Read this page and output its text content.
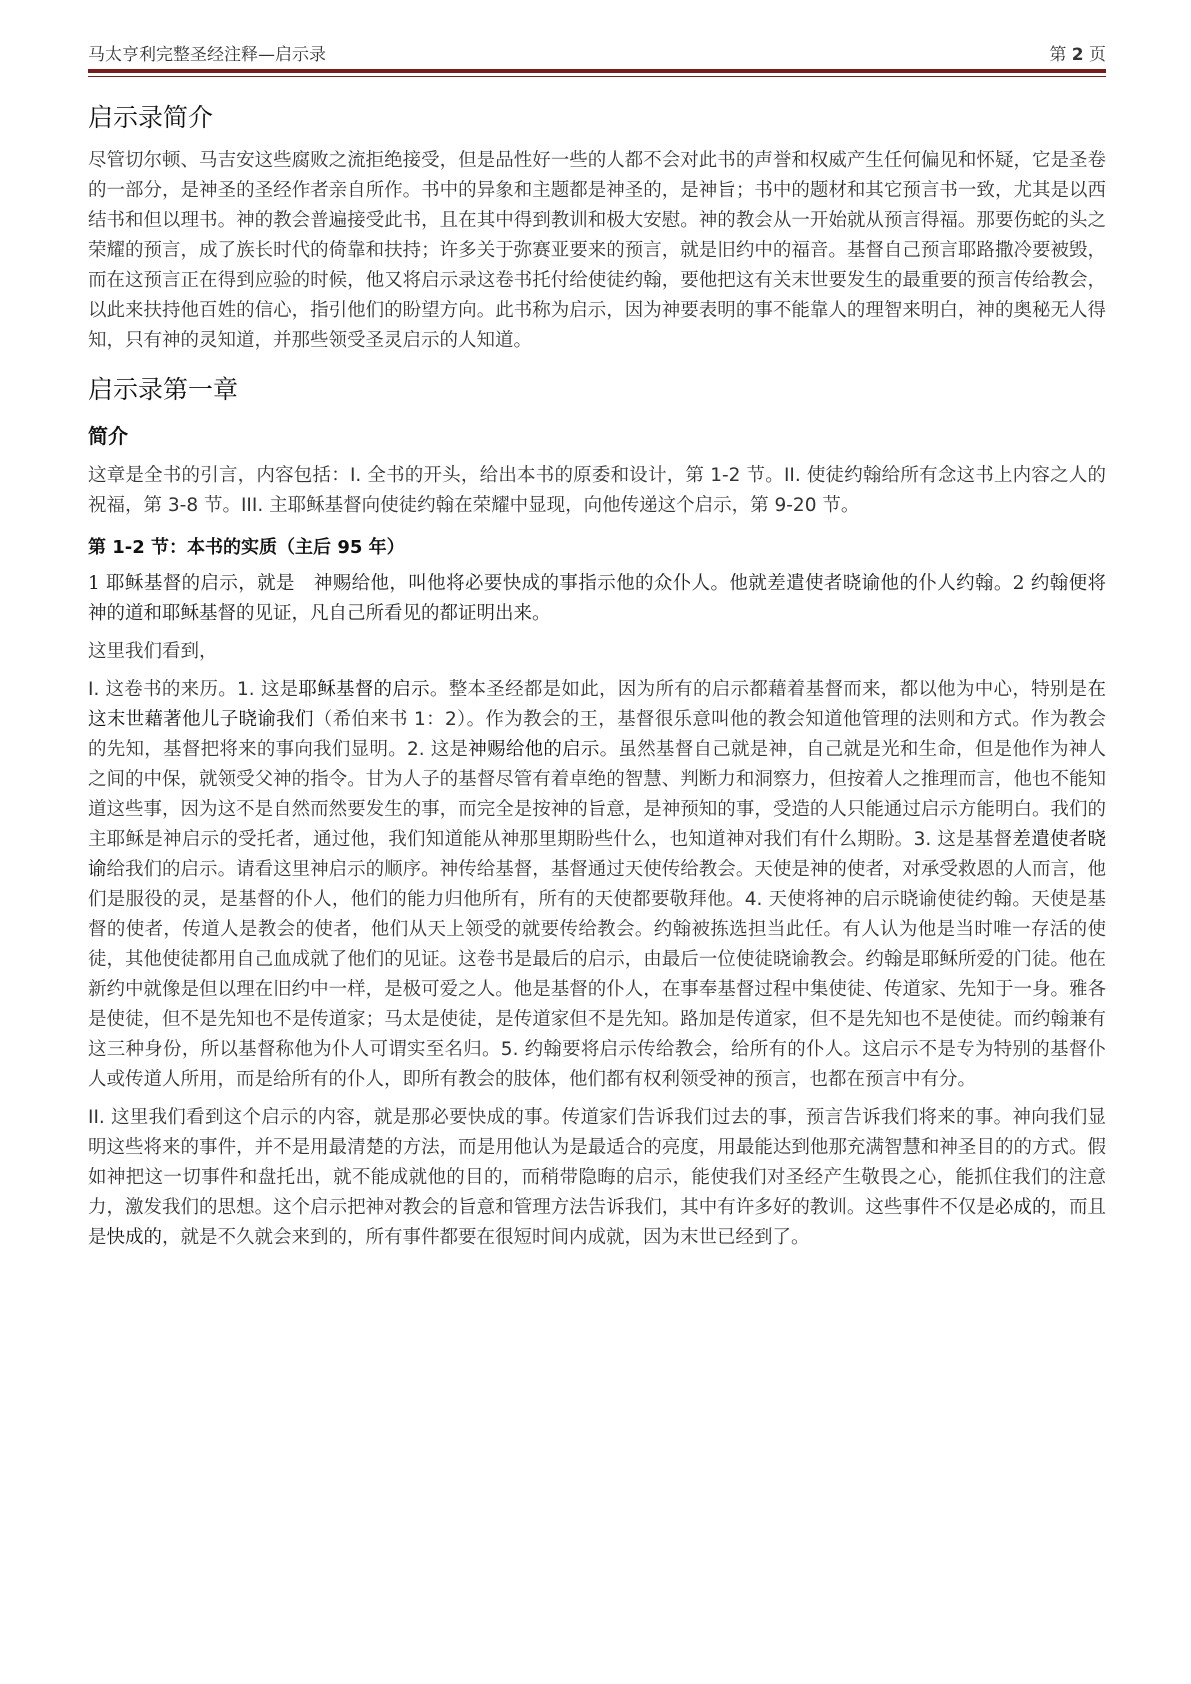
马太亨利完整圣经注释—启示录	第 2 页
启示录简介

尽管切尔顿、马吉安这些腐败之流拒绝接受，但是品性好一些的人都不会对此书的声誉和权威产生任何偏见和怀疑，它是圣卷的一部分，是神圣的圣经作者亲自所作。书中的异象和主题都是神圣的，是神旨；书中的题材和其它预言书一致，尤其是以西结书和但以理书。神的教会普遍接受此书，且在其中得到教训和极大安慰。神的教会从一开始就从预言得福。那要伤蛇的头之荣耀的预言，成了族长时代的倚靠和扶持；许多关于弥赛亚要来的预言，就是旧约中的福音。基督自己预言耶路撒冷要被毁，而在这预言正在得到应验的时候，他又将启示录这卷书托付给使徒约翰，要他把这有关末世要发生的最重要的预言传给教会，以此来扶持他百姓的信心，指引他们的盼望方向。此书称为启示，因为神要表明的事不能靠人的理智来明白，神的奥秘无人得知，只有神的灵知道，并那些领受圣灵启示的人知道。

启示录第一章
简介

这章是全书的引言，内容包括：I. 全书的开头，给出本书的原委和设计，第 1-2 节。II. 使徒约翰给所有念这书上内容之人的祝福，第 3-8 节。III. 主耶稣基督向使徒约翰在荣耀中显现，向他传递这个启示，第 9-20 节。

第 1-2 节：本书的实质（主后 95 年）

1 耶稣基督的启示，就是　神赐给他，叫他将必要快成的事指示他的众仆人。他就差遣使者晓谕他的仆人约翰。2 约翰便将　神的道和耶稣基督的见证，凡自己所看见的都证明出来。

这里我们看到，

I. 这卷书的来历。1. 这是耶稣基督的启示。整本圣经都是如此，因为所有的启示都藉着基督而来，都以他为中心，特别是在这末世藉著他儿子晓谕我们（希伯来书 1：2）。作为教会的王，基督很乐意叫他的教会知道他管理的法则和方式。作为教会的先知，基督把将来的事向我们显明。2. 这是神赐给他的启示。虽然基督自己就是神，自己就是光和生命，但是他作为神人之间的中保，就领受父神的指令。甘为人子的基督尽管有着卓绝的智慧、判断力和洞察力，但按着人之推理而言，他也不能知道这些事，因为这不是自然而然要发生的事，而完全是按神的旨意，是神预知的事，受造的人只能通过启示方能明白。我们的主耶稣是神启示的受托者，通过他，我们知道能从神那里期盼些什么，也知道神对我们有什么期盼。3. 这是基督差遣使者晓谕给我们的启示。请看这里神启示的顺序。神传给基督，基督通过天使传给教会。天使是神的使者，对承受救恩的人而言，他们是服役的灵，是基督的仆人，他们的能力归他所有，所有的天使都要敬拜他。4. 天使将神的启示晓谕使徒约翰。天使是基督的使者，传道人是教会的使者，他们从天上领受的就要传给教会。约翰被拣选担当此任。有人认为他是当时唯一存活的使徒，其他使徒都用自己血成就了他们的见证。这卷书是最后的启示，由最后一位使徒晓谕教会。约翰是耶稣所爱的门徒。他在新约中就像是但以理在旧约中一样，是极可爱之人。他是基督的仆人，在事奉基督过程中集使徒、传道家、先知于一身。雅各是使徒，但不是先知也不是传道家；马太是使徒，是传道家但不是先知。路加是传道家，但不是先知也不是使徒。而约翰兼有这三种身份，所以基督称他为仆人可谓实至名归。5. 约翰要将启示传给教会，给所有的仆人。这启示不是专为特别的基督仆人或传道人所用，而是给所有的仆人，即所有教会的肢体，他们都有权利领受神的预言，也都在预言中有分。

II. 这里我们看到这个启示的内容，就是那必要快成的事。传道家们告诉我们过去的事，预言告诉我们将来的事。神向我们显明这些将来的事件，并不是用最清楚的方法，而是用他认为是最适合的亮度，用最能达到他那充满智慧和神圣目的的方式。假如神把这一切事件和盘托出，就不能成就他的目的，而稍带隐晦的启示，能使我们对圣经产生敬畏之心，能抓住我们的注意力，激发我们的思想。这个启示把神对教会的旨意和管理方法告诉我们，其中有许多好的教训。这些事件不仅是必成的，而且是快成的，就是不久就会来到的，所有事件都要在很短时间内成就，因为末世已经到了。
